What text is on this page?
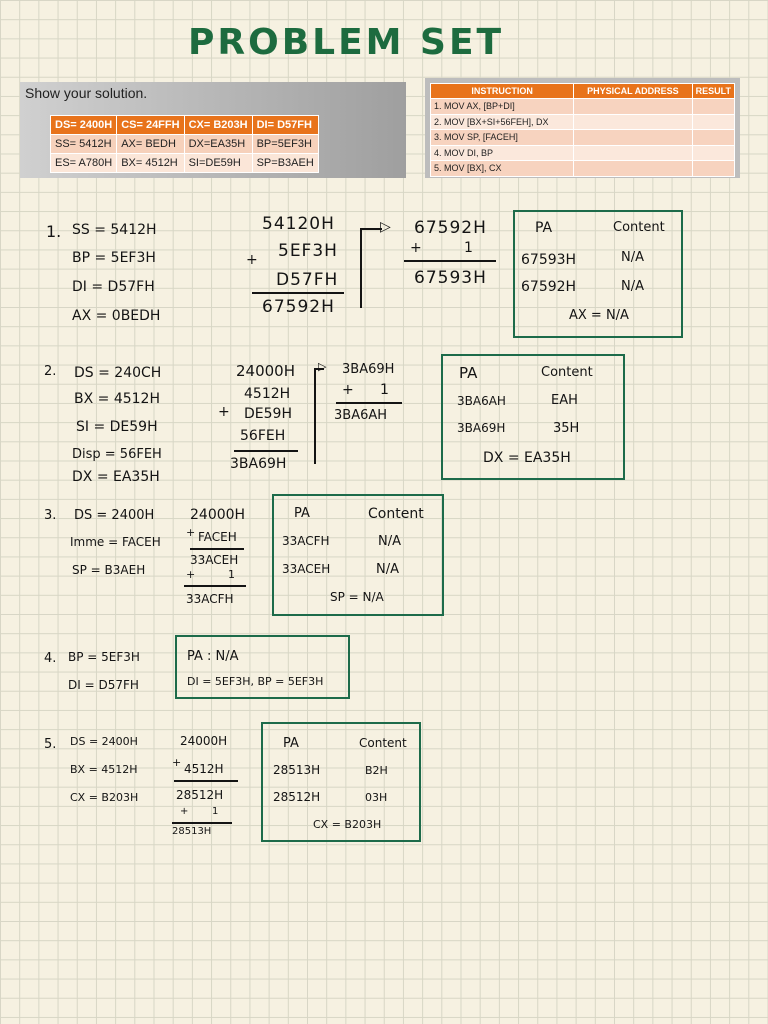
PROBLEM SET
Show your solution.
DS= 2400H	CS= 24FFH	CX= B203H	DI= D57FH
SS= 5412H	AX= BEDH	DX=EA35H	BP=5EF3H
ES= A780H	BX= 4512H	SI=DE59H	SP=B3AEH
INSTRUCTION	PHYSICAL ADDRESS	RESULT
1. MOV AX, [BP+DI]		
2. MOV [BX+SI+56FEH], DX		
3. MOV SP, [FACEH]		
4. MOV DI, BP		
5. MOV [BX], CX		
1. SS = 5412H
BP = 5EF3H
DI = D57FH
AX = 0BEDH
54120H
5EF3H
+
D57FH
67592H
▷ 67592H
+	1
67593H
PA	Content
67593H	N/A
67592H	N/A
AX = N/A
2. DS = 240CH
BX = 4512H
SI = DE59H
Disp = 56FEH
DX = EA35H
24000H
4512H
+ DE59H
56FEH
3BA69H
▷ 3BA69H
+ 1
3BA6AH
PA	Content
3BA6AH	EAH
3BA69H	35H
DX = EA35H
3. DS = 2400H
Imme = FACEH
SP = B3AEH
24000H
+ FACEH
33ACEH
+	1
33ACFH
PA	Content
33ACFH	N/A
33ACEH	N/A
SP = N/A
4. BP = 5EF3H
DI = D57FH
PA : N/A
DI = 5EF3H, BP = 5EF3H
5. DS = 2400H
BX = 4512H
CX = B203H
24000H
+ 4512H
28512H
+ 1
28513H
PA	Content
28513H	B2H
28512H	03H
CX = B203H
